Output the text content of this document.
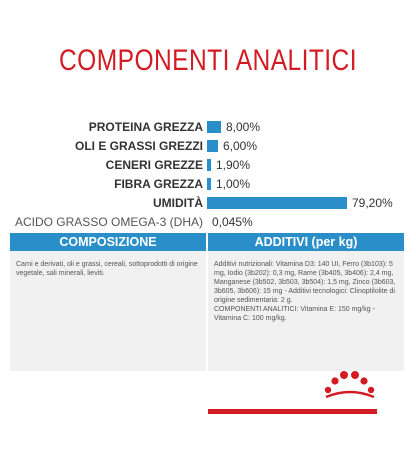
COMPONENTI ANALITICI
PROTEINA GREZZA 8,00%
OLI E GRASSI GREZZI 6,00%
CENERI GREZZE 1,90%
FIBRA GREZZA 1,00%
UMIDITÀ	79,20%
ACIDO GRASSO OMEGA-3 (DHA) 0,045%
COMPOSIZIONE
Carni e derivati, oli e grassi, cereali, sottoprodotti di origine vegetale, sali minerali, lieviti.
ADDITIVI (per kg)
Additivi nutrizionali: Vitamina D3: 140 UI, Ferro (3b103): 5 mg, Iodio (3b202): 0,3 mg, Rame (3b405, 3b406): 2,4 mg, Manganese (3b502, 3b503, 3b504): 1,5 mg, Zinco (3b603, 3b605, 3b606): 15 mg - Additivi tecnologici: Clinoptilolite di origine sedimentaria: 2 g.
COMPONENTI ANALITICI: Vitamina E: 150 mg/kg - Vitamina C: 100 mg/kg.
